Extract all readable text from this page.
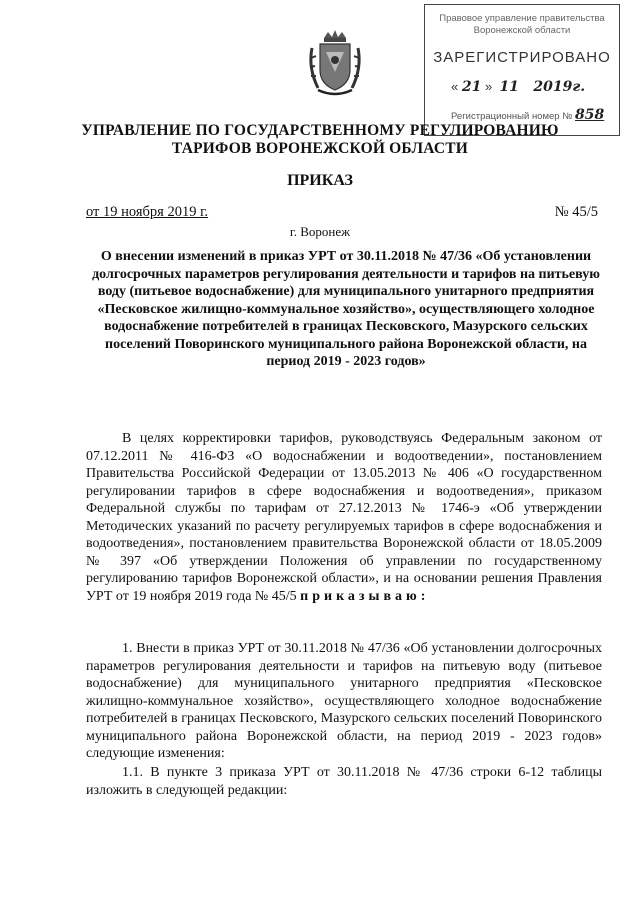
Правовое управление правительства
Воронежской области
ЗАРЕГИСТРИРОВАНО
« 21 » 11 2019г.
Регистрационный номер № 858
УПРАВЛЕНИЕ ПО ГОСУДАРСТВЕННОМУ РЕГУЛИРОВАНИЮ
ТАРИФОВ ВОРОНЕЖСКОЙ ОБЛАСТИ
ПРИКАЗ
от 19 ноября 2019 г.	№ 45/5
г. Воронеж
О внесении изменений в приказ УРТ от 30.11.2018 № 47/36 «Об установлении долгосрочных параметров регулирования деятельности и тарифов на питьевую воду (питьевое водоснабжение) для муниципального унитарного предприятия «Песковское жилищно-коммунальное хозяйство», осуществляющего холодное водоснабжение потребителей в границах Песковского, Мазурского сельских поселений Поворинского муниципального района Воронежской области, на период 2019 - 2023 годов»

В целях корректировки тарифов, руководствуясь Федеральным законом от 07.12.2011 № 416-ФЗ «О водоснабжении и водоотведении», постановлением Правительства Российской Федерации от 13.05.2013 № 406 «О государственном регулировании тарифов в сфере водоснабжения и водоотведения», приказом Федеральной службы по тарифам от 27.12.2013 № 1746-э «Об утверждении Методических указаний по расчету регулируемых тарифов в сфере водоснабжения и водоотведения», постановлением правительства Воронежской области от 18.05.2009 № 397 «Об утверждении Положения об управлении по государственному регулированию тарифов Воронежской области», и на основании решения Правления УРТ от 19 ноября 2019 года № 45/5 приказываю:

1. Внести в приказ УРТ от 30.11.2018 № 47/36 «Об установлении долгосрочных параметров регулирования деятельности и тарифов на питьевую воду (питьевое водоснабжение) для муниципального унитарного предприятия «Песковское жилищно-коммунальное хозяйство», осуществляющего холодное водоснабжение потребителей в границах Песковского, Мазурского сельских поселений Поворинского муниципального района Воронежской области, на период 2019 - 2023 годов» следующие изменения:

1.1. В пункте 3 приказа УРТ от 30.11.2018 № 47/36 строки 6-12 таблицы изложить в следующей редакции:
